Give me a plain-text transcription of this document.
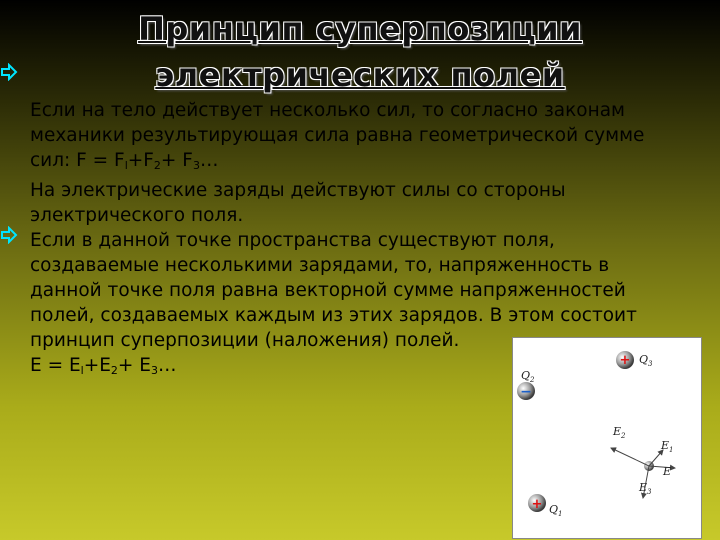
Принцип суперпозиции
электрических полей
Если на тело действует несколько сил, то согласно законам
механики результирующая сила равна геометрической сумме
сил: $F = F_l+F_2+$ $F_3\dots$
На электрические заряды действуют силы со стороны
электрического поля.
Если в данной точке пространства существуют поля,
создаваемые несколькими зарядами, то, напряженность в
данной точке поля равна векторной сумме напряженностей
полей, создаваемых каждым из этих зарядов. В этом состоит
принцип суперпозиции (наложения) полей.
$E = E_l+E_2+$ $E_3\dots$	+
−
+
$Q_3$
$Q_2$
$Q_1$
$E_2$
$E_1$
E
$E_3$
